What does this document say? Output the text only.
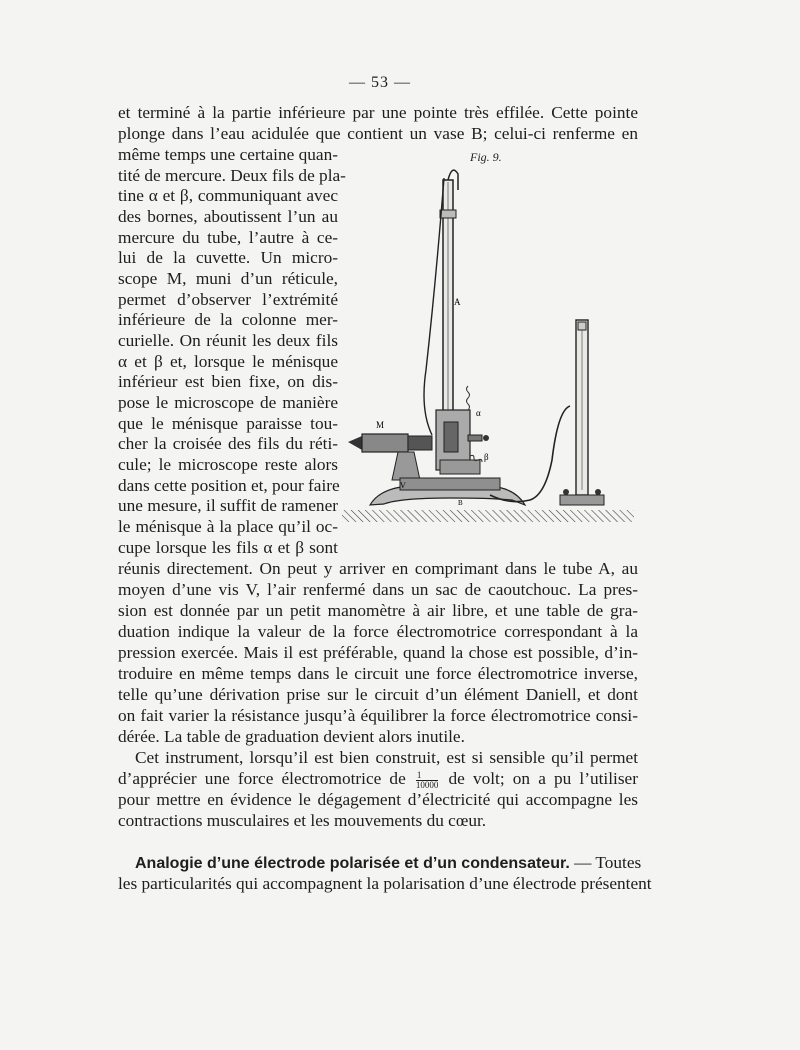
— 53 —
et terminé à la partie inférieure par une pointe très effilée. Cette pointe
plonge dans l’eau acidulée que contient un vase B; celui-ci renferme en
même temps une certaine quan-
tité de mercure. Deux fils de pla-
tine α et β, communiquant avec
des bornes, aboutissent l’un au
mercure du tube, l’autre à ce-
lui de la cuvette. Un micro-
scope M, muni d’un réticule,
permet d’observer l’extrémité
inférieure de la colonne mer-
curielle. On réunit les deux fils
α et β et, lorsque le ménisque
inférieur est bien fixe, on dis-
pose le microscope de manière
que le ménisque paraisse tou-
cher la croisée des fils du réti-
cule; le microscope reste alors
dans cette position et, pour faire
une mesure, il suffit de ramener
le ménisque à la place qu’il oc-
cupe lorsque les fils α et β sont
réunis directement. On peut y arriver en comprimant dans le tube A, au
moyen d’une vis V, l’air renfermé dans un sac de caoutchouc. La pres-
sion est donnée par un petit manomètre à air libre, et une table de gra-
duation indique la valeur de la force électromotrice correspondant à la
pression exercée. Mais il est préférable, quand la chose est possible, d’in-
troduire en même temps dans le circuit une force électromotrice inverse,
telle qu’une dérivation prise sur le circuit d’un élément Daniell, et dont
on fait varier la résistance jusqu’à équilibrer la force électromotrice consi-
dérée. La table de graduation devient alors inutile.
Cet instrument, lorsqu’il est bien construit, est si sensible qu’il permet
d’apprécier une force électromotrice de $\frac{1}{10000}$ de volt; on a pu l’utiliser
pour mettre en évidence le dégagement d’électricité qui accompagne les
contractions musculaires et les mouvements du cœur.
Analogie d’une électrode polarisée et d’un condensateur. — Toutes
les particularités qui accompagnent la polarisation d’une électrode présentent
Fig. 9.
A
α
β
M
V
B
